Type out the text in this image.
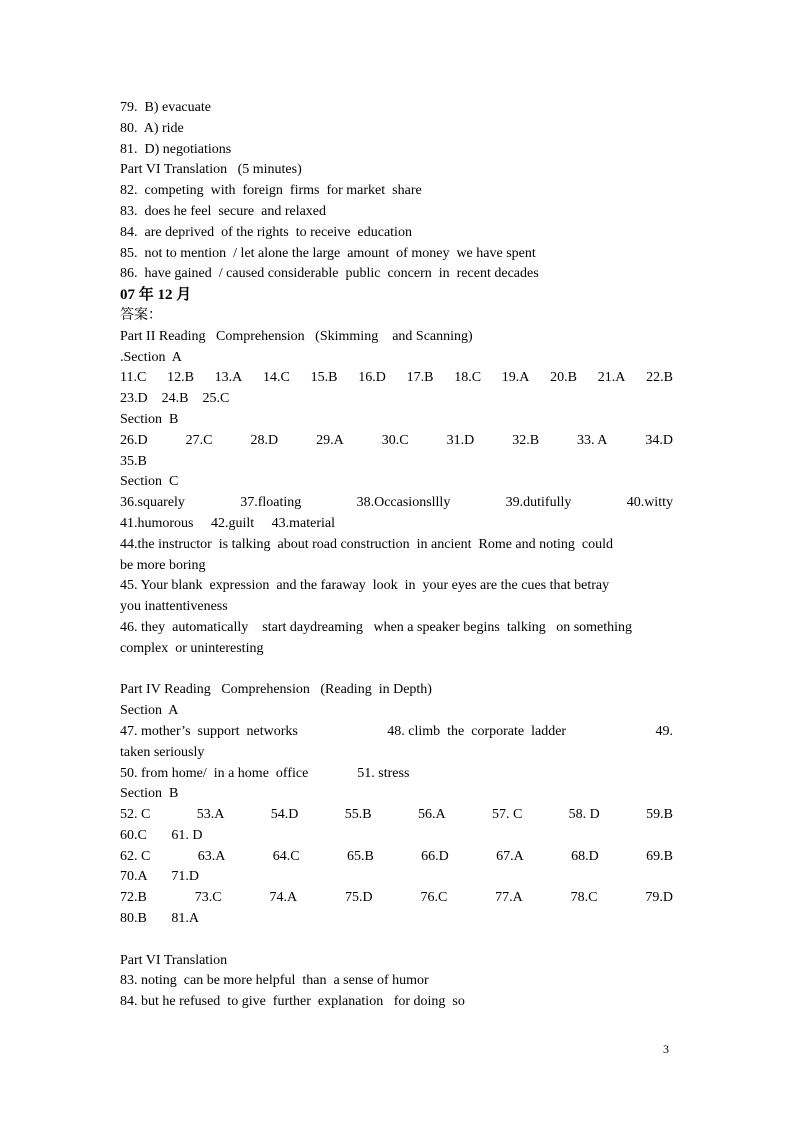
79.  B) evacuate
80.  A) ride
81.  D) negotiations
Part VI Translation   (5 minutes)
82.  competing  with  foreign  firms  for market  share
83.  does he feel  secure  and relaxed
84.  are deprived  of the rights  to receive  education
85.  not to mention  / let alone the large  amount  of money  we have spent
86.  have gained  / caused considerable  public  concern  in  recent decades
07 年 12 月
答案：
Part II Reading   Comprehension   (Skimming    and Scanning)
.Section  A
11.C 12.B 13.A 14.C 15.B 16.D 17.B 18.C 19.A 20.B 21.A 22.B
23.D    24.B    25.C
Section  B
26.D	27.C	28.D	29.A	30.C	31.D	32.B	33. A	34.D
35.B
Section  C
36.squarely	37.floating	38.Occasionsllly	39.dutifully	40.witty
41.humorous     42.guilt     43.material
44.the instructor  is talking  about road construction  in ancient  Rome and noting  could
be more boring
45. Your blank  expression  and the faraway  look  in  your eyes are the cues that betray
you inattentiveness
46. they  automatically    start daydreaming   when a speaker begins  talking   on something
complex  or uninteresting
Part IV Reading   Comprehension   (Reading  in Depth)
Section  A
47. mother’s  support  networks	48. climb  the  corporate  ladder	49.
taken seriously
50. from home/  in a home  office              51. stress
Section  B
52. C	53.A	54.D	55.B	56.A	57. C	58. D	59.B
60.C       61. D
62. C	63.A	64.C	65.B	66.D	67.A	68.D	69.B
70.A       71.D
72.B	73.C	74.A	75.D	76.C	77.A	78.C	79.D
80.B       81.A
Part VI Translation
83. noting  can be more helpful  than  a sense of humor
84. but he refused  to give  further  explanation   for doing  so
3
